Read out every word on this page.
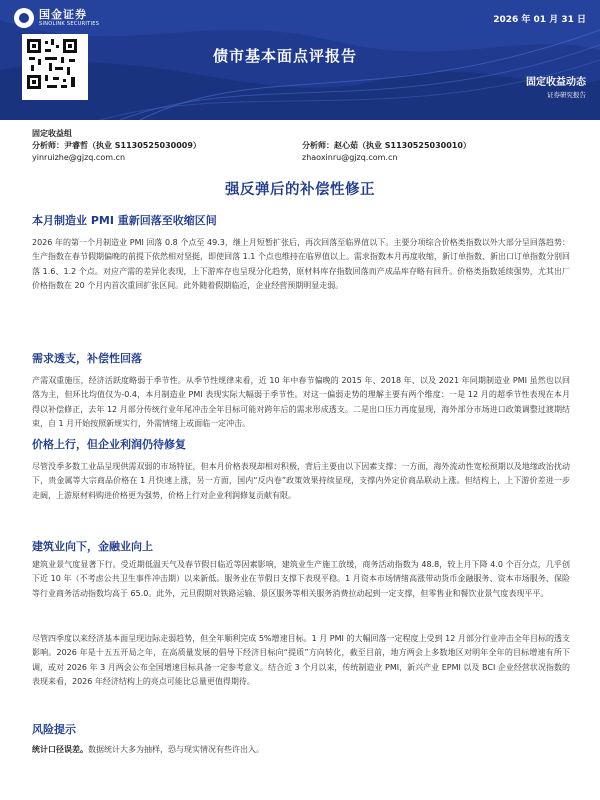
国金证券
SINOLINK SECURITIES	2026 年 01 月 31 日
债市基本面点评报告
固定收益动态
证券研究报告
固定收益组
分析师：尹睿哲（执业 S1130525030009）
yinruizhe@gjzq.com.cn
分析师：赵心茹（执业 S1130525030010）
zhaoxinru@gjzq.com.cn
强反弹后的补偿性修正
本月制造业 PMI 重新回落至收缩区间

2026 年的第一个月制造业 PMI 回落 0.8 个点至 49.3，继上月短暂扩张后，再次回落至临界值以下。主要分项综合价格类指数以外大部分呈回落趋势：生产指数在春节假期偏晚的前提下依然相对坚挺，即使回落 1.1 个点也维持在临界值以上。需求指数本月再度收缩，新订单指数、新出口订单指数分别回落 1.6、1.2 个点。对应产需的差异化表现，上下游库存也呈现分化趋势，原材料库存指数回落而产成品库存略有回升。价格类指数延续强势，尤其出厂价格指数在 20 个月内首次重回扩张区间。此外随着假期临近，企业经营预期明显走弱。

需求透支，补偿性回落

产需双重施压，经济活跃度略弱于季节性。从季节性规律来看，近 10 年中春节偏晚的 2015 年、2018 年、以及 2021 年同期制造业 PMI 虽然也以回落为主，但环比均值仅为-0.4，本月制造业 PMI 表现实际大幅弱于季节性。对这一偏弱走势的理解主要有两个维度：一是 12 月的超季节性表现在本月得以补偿修正，去年 12 月部分传统行业年尾冲击全年目标可能对跨年后的需求形成透支。二是出口压力再度显现，海外部分市场进口政策调整过渡期结束，自 1 月开始按照新规实行，外需情绪上或面临一定冲击。

价格上行，但企业利润仍待修复

尽管没季多数工业品呈现供需双弱的市场特征，但本月价格表现却相对积极，背后主要由以下因素支撑：一方面，海外流动性宽松预期以及地缘政治扰动下，贵金属等大宗商品价格在 1 月快速上涨，另一方面，国内“反内卷”政策效果持续显现，支撑内外定价商品联动上涨。但结构上，上下游价差进一步走阔，上游原材料购进价格更为强势，价格上行对企业利润修复贡献有限。

建筑业向下，金融业向上

建筑业景气度显著下行。受近期低温天气及春节假日临近等因素影响，建筑业生产施工放缓，商务活动指数为 48.8，较上月下降 4.0 个百分点，几乎创下近 10 年（不考虑公共卫生事件冲击期）以来新低。服务业在节假日支撑下表现平稳。1 月资本市场情绪高涨带动货币金融服务、资本市场服务、保险等行业商务活动指数均高于 65.0。此外，元旦假期对铁路运输、景区服务等相关服务消费拉动起到一定支撑，但零售业和餐饮业景气度表现平平。

尽管四季度以来经济基本面呈现边际走弱趋势，但全年顺利完成 5%增速目标。1 月 PMI 的大幅回落一定程度上受到 12 月部分行业冲击全年目标的透支影响。2026 年是十五五开局之年，在高质量发展的倡导下经济目标向“提质”方向转化，截至目前，地方两会上多数地区对明年全年的目标增速有所下调，或对 2026 年 3 月两会公布全国增速目标具备一定参考意义。结合近 3 个月以来，传统制造业 PMI，新兴产业 EPMI 以及 BCI 企业经营状况指数的表现来看，2026 年经济结构上的亮点可能比总量更值得期待。

风险提示

统计口径误差。数据统计大多为抽样，恐与现实情况有些许出入。
